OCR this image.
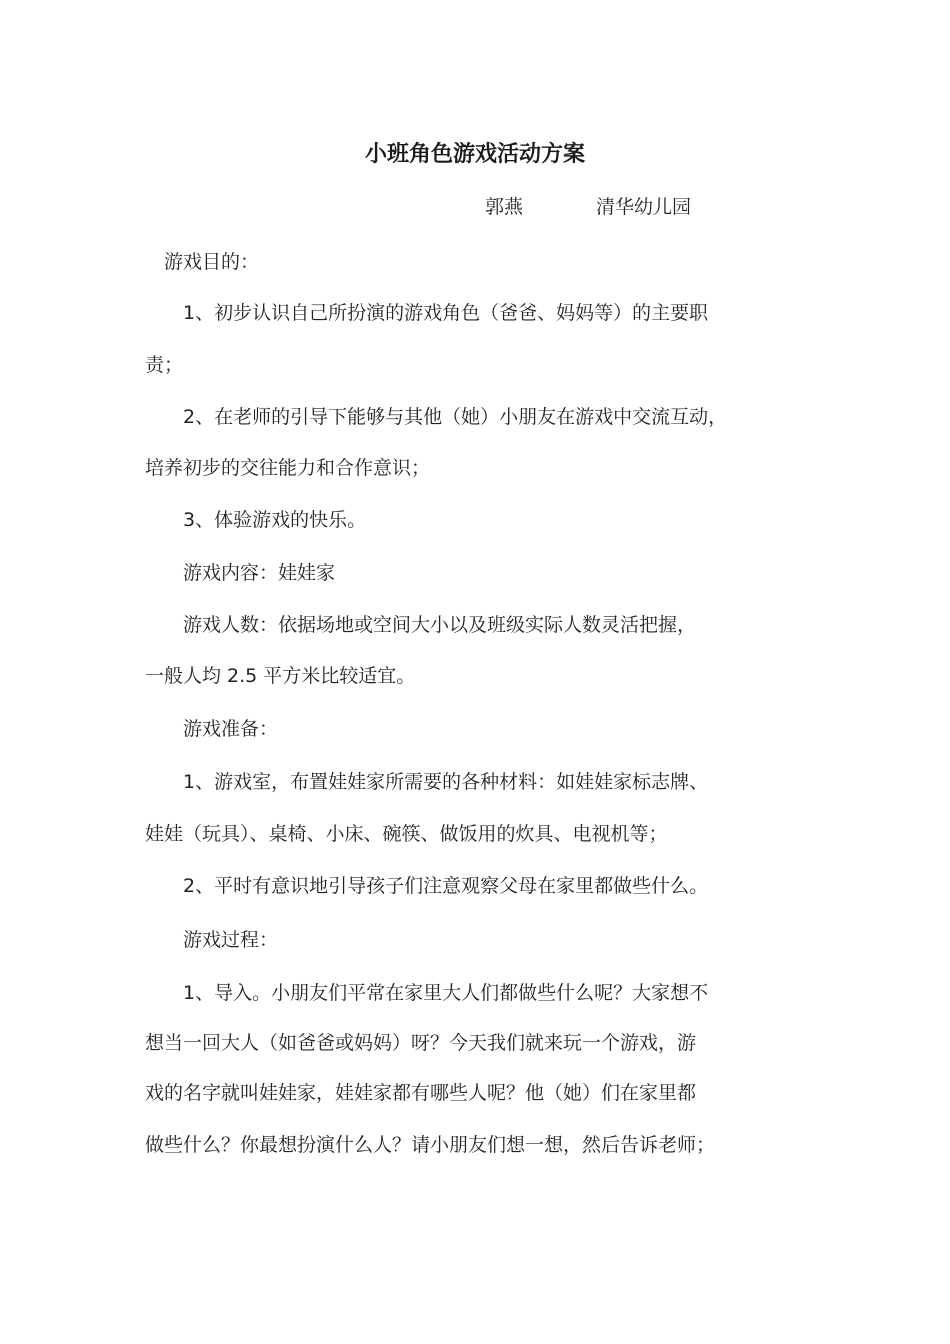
小班角色游戏活动方案
郭燕	清华幼儿园
游戏目的：
1、初步认识自己所扮演的游戏角色（爸爸、妈妈等）的主要职
责；
2、在老师的引导下能够与其他（她）小朋友在游戏中交流互动，
培养初步的交往能力和合作意识；
3、体验游戏的快乐。
游戏内容：娃娃家
游戏人数：依据场地或空间大小以及班级实际人数灵活把握，
一般人均 2.5 平方米比较适宜。
游戏准备：
1、游戏室，布置娃娃家所需要的各种材料：如娃娃家标志牌、
娃娃（玩具）、桌椅、小床、碗筷、做饭用的炊具、电视机等；
2、平时有意识地引导孩子们注意观察父母在家里都做些什么。
游戏过程：
1、导入。小朋友们平常在家里大人们都做些什么呢？大家想不
想当一回大人（如爸爸或妈妈）呀？今天我们就来玩一个游戏，游
戏的名字就叫娃娃家，娃娃家都有哪些人呢？他（她）们在家里都
做些什么？你最想扮演什么人？请小朋友们想一想，然后告诉老师；
